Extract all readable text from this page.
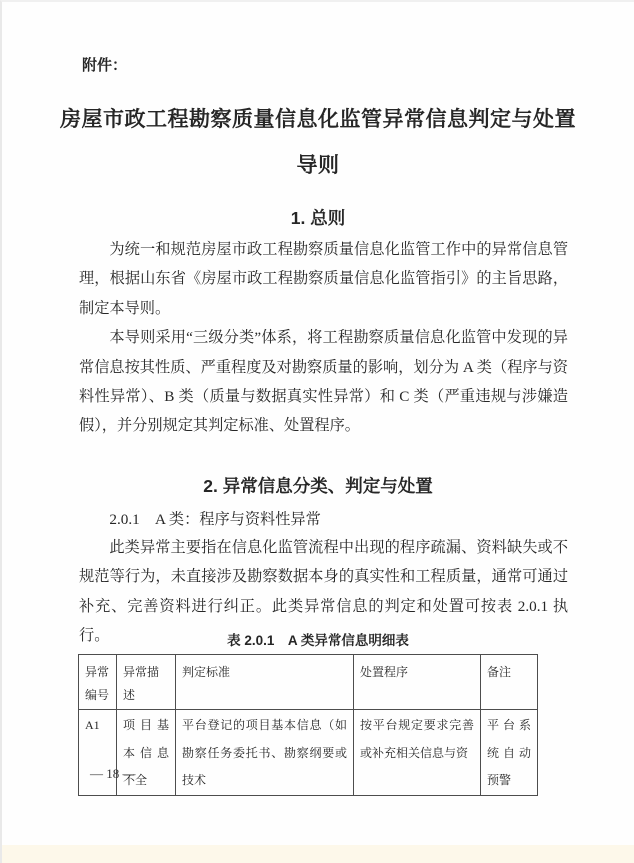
附件：
房屋市政工程勘察质量信息化监管异常信息判定与处置
导则
1. 总则

为统一和规范房屋市政工程勘察质量信息化监管工作中的异常信息管理，根据山东省《房屋市政工程勘察质量信息化监管指引》的主旨思路，制定本导则。

本导则采用“三级分类”体系，将工程勘察质量信息化监管中发现的异常信息按其性质、严重程度及对勘察质量的影响，划分为 A 类（程序与资料性异常）、B 类（质量与数据真实性异常）和 C 类（严重违规与涉嫌造假），并分别规定其判定标准、处置程序。

2. 异常信息分类、判定与处置
2.0.1　A 类：程序与资料性异常

此类异常主要指在信息化监管流程中出现的程序疏漏、资料缺失或不规范等行为，未直接涉及勘察数据本身的真实性和工程质量，通常可通过补充、完善资料进行纠正。此类异常信息的判定和处置可按表 2.0.1 执行。	表 2.0.1　A 类异常信息明细表
异常编号	异常描述	判定标准	处置程序	备注
A1	项目基本信息不全	平台登记的项目基本信息（如勘察任务委托书、勘察纲要或技术	按平台规定要求完善或补充相关信息与资	平台系统自动预警
— 18 —
